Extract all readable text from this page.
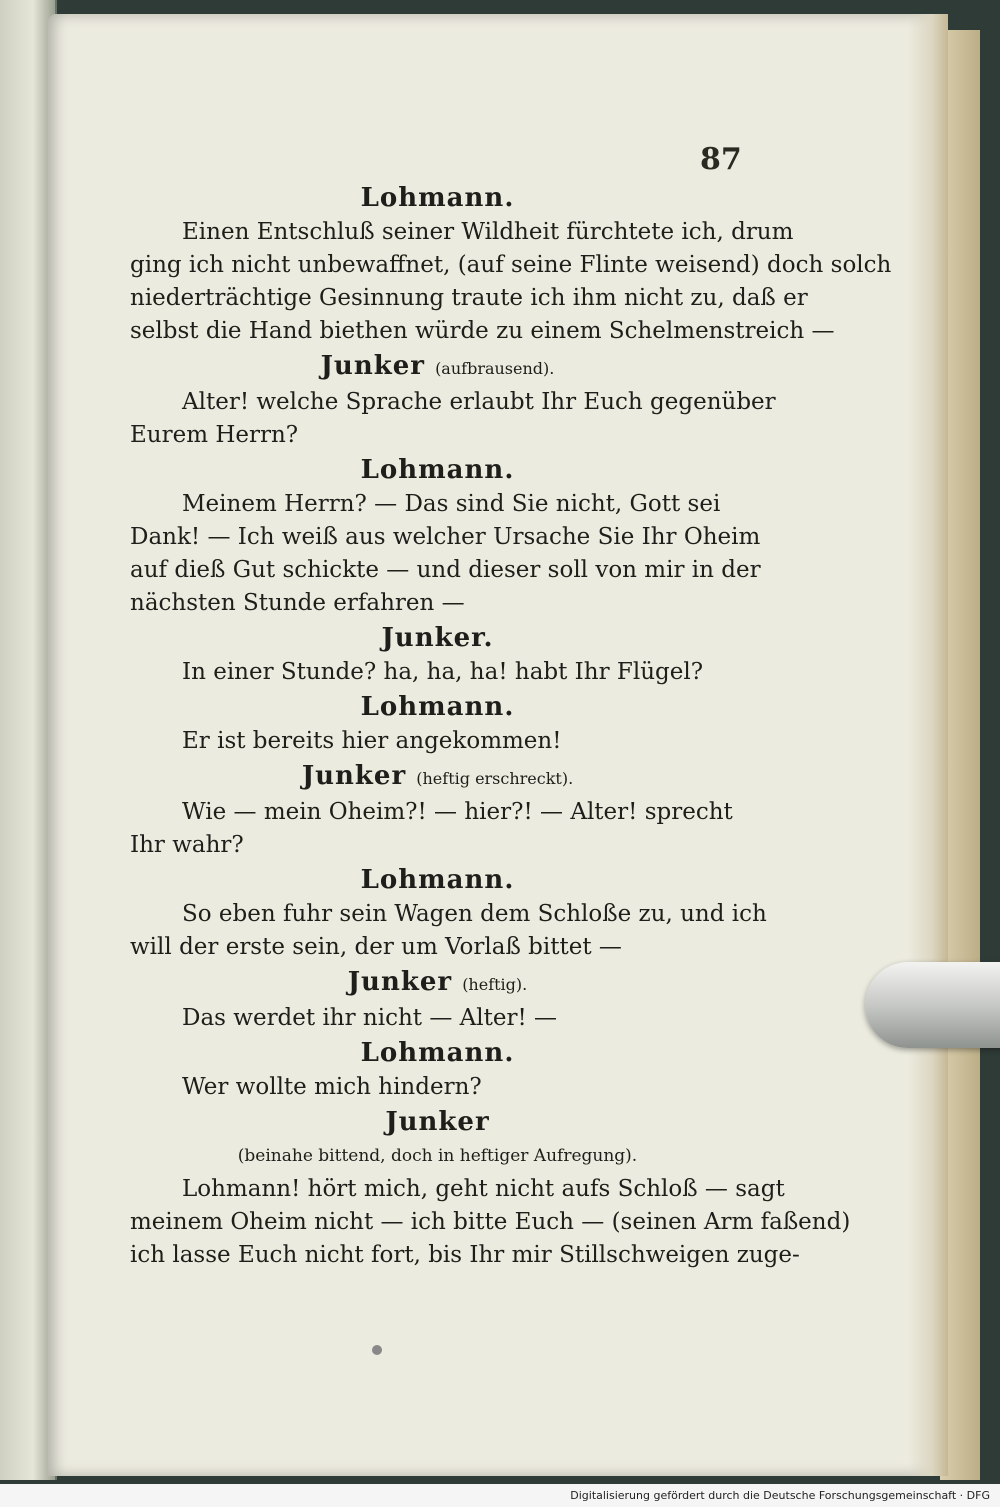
87
Lohmann.
Einen Entschluß seiner Wildheit fürchtete ich, drum
ging ich nicht unbewaffnet, (auf seine Flinte weisend) doch solch
niederträchtige Gesinnung traute ich ihm nicht zu, daß er
selbst die Hand biethen würde zu einem Schelmenstreich —
Junker (aufbrausend).
Alter! welche Sprache erlaubt Ihr Euch gegenüber
Eurem Herrn?
Lohmann.
Meinem Herrn? — Das sind Sie nicht, Gott sei
Dank! — Ich weiß aus welcher Ursache Sie Ihr Oheim
auf dieß Gut schickte — und dieser soll von mir in der
nächsten Stunde erfahren —
Junker.
In einer Stunde? ha, ha, ha! habt Ihr Flügel?
Lohmann.
Er ist bereits hier angekommen!
Junker (heftig erschreckt).
Wie — mein Oheim?! — hier?! — Alter! sprecht
Ihr wahr?
Lohmann.
So eben fuhr sein Wagen dem Schloße zu, und ich
will der erste sein, der um Vorlaß bittet —
Junker (heftig).
Das werdet ihr nicht — Alter! —
Lohmann.
Wer wollte mich hindern?
Junker
(beinahe bittend, doch in heftiger Aufregung).
Lohmann! hört mich, geht nicht aufs Schloß — sagt
meinem Oheim nicht — ich bitte Euch — (seinen Arm faßend)
ich lasse Euch nicht fort, bis Ihr mir Stillschweigen zuge-
Digitalisierung gefördert durch die Deutsche Forschungsgemeinschaft · DFG
